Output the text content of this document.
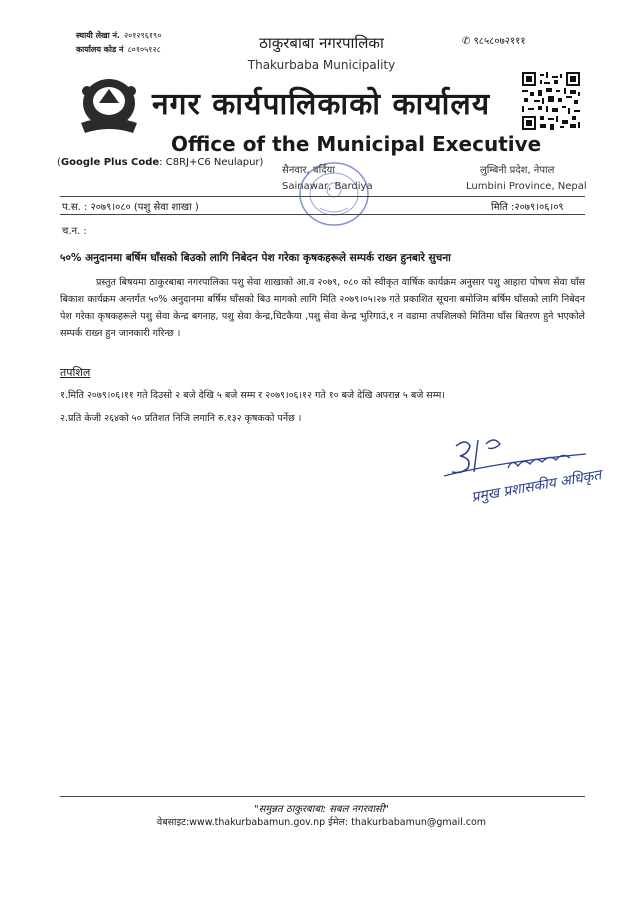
स्थायी लेखा नं. २०१२९६१९०
कार्यालय कोड नं ८०१०५१२८
✆ ९८५८०७२१११
ठाकुरबाबा नगरपालिका
Thakurbaba Municipality
नगर कार्यपालिकाको कार्यालय
Office of the Municipal Executive
(Google Plus Code: C8RJ+C6 Neulapur)
सैनवार, बर्दिया
Sainawar, Bardiya
लुम्बिनी प्रदेश, नेपाल
Lumbini Province, Nepal
प.स. : २०७९।०८० (पशु सेवा शाखा )	मिति :२०७९।०६।०९
च.न. :
५०% अनुदानमा बर्षिम घाँसको बिउको लागि निबेदन पेश गरेका कृषकहरूले सम्पर्क राख्न हुनबारे सुचना
प्रस्तुत बिषयमा ठाकुरबाबा नगरपालिका पशु सेवा शाखाको आ.व २०७९, ०८० को स्वीकृत वार्षिक कार्यक्रम अनुसार पशु आहारा पोषण सेवा घाँस बिकाश कार्यक्रम अन्तर्गत ५०% अनुदानमा बर्षिम घाँसको बिउ मागको लागि मिति २०७९।०५।२७ गते प्रकाशित सूचना बमोजिम बर्षिम घाँसको लागि निबेदन पेश गरेका कृषकहरूले पशु सेवा केन्द्र बगनाह, पशु सेवा केन्द्र,चिटकैया ,पशु सेवा केन्द्र भुरिगाउं,१ न वडामा तपशिलको मितिमा घाँस बितरण हुने भएकोले सम्पर्क राख्न हुन जानकारी गरिन्छ ।
तपशिल
१.मिति २०७९।०६।११ गते दिउसो २ बजे देखि ५ बजे सम्म र २०७९।०६।१२ गते १० बजे देखि अपरान्न ५ बजे सम्म।
२.प्रति केजी २६४को ५० प्रतिशत निजि लगानि रु.१३२ कृषकको पर्नेछ ।
प्रमुख प्रशासकीय अधिकृत
"समुन्नत ठाकुरबाबा: सबल नगरवासी"
वेबसाइट:www.thakurbabamun.gov.np ईमेल: thakurbabamun@gmail.com
